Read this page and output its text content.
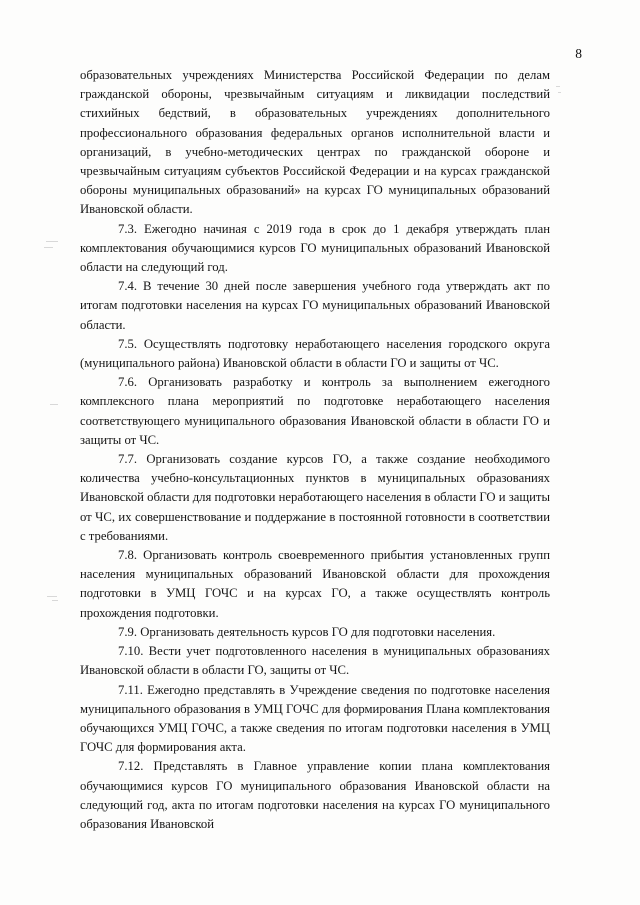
8

образовательных учреждениях Министерства Российской Федерации по делам гражданской обороны, чрезвычайным ситуациям и ликвидации последствий стихийных бедствий, в образовательных учреждениях дополнительного профессионального образования федеральных органов исполнительной власти и организаций, в учебно-методических центрах по гражданской обороне и чрезвычайным ситуациям субъектов Российской Федерации и на курсах гражданской обороны муниципальных образований» на курсах ГО муниципальных образований Ивановской области.

7.3. Ежегодно начиная с 2019 года в срок до 1 декабря утверждать план комплектования обучающимися курсов ГО муниципальных образований Ивановской области на следующий год.

7.4. В течение 30 дней после завершения учебного года утверждать акт по итогам подготовки населения на курсах ГО муниципальных образований Ивановской области.

7.5. Осуществлять подготовку неработающего населения городского округа (муниципального района) Ивановской области в области ГО и защиты от ЧС.

7.6. Организовать разработку и контроль за выполнением ежегодного комплексного плана мероприятий по подготовке неработающего населения соответствующего муниципального образования Ивановской области в области ГО и защиты от ЧС.

7.7. Организовать создание курсов ГО, а также создание необходимого количества учебно-консультационных пунктов в муниципальных образованиях Ивановской области для подготовки неработающего населения в области ГО и защиты от ЧС, их совершенствование и поддержание в постоянной готовности в соответствии с требованиями.

7.8. Организовать контроль своевременного прибытия установленных групп населения муниципальных образований Ивановской области для прохождения подготовки в УМЦ ГОЧС и на курсах ГО, а также осуществлять контроль прохождения подготовки.

7.9. Организовать деятельность курсов ГО для подготовки населения.

7.10. Вести учет подготовленного населения в муниципальных образованиях Ивановской области в области ГО, защиты от ЧС.

7.11. Ежегодно представлять в Учреждение сведения по подготовке населения муниципального образования в УМЦ ГОЧС для формирования Плана комплектования обучающихся УМЦ ГОЧС, а также сведения по итогам подготовки населения в УМЦ ГОЧС для формирования акта.

7.12. Представлять в Главное управление копии плана комплектования обучающимися курсов ГО муниципального образования Ивановской области на следующий год, акта по итогам подготовки населения на курсах ГО муниципального образования Ивановской
